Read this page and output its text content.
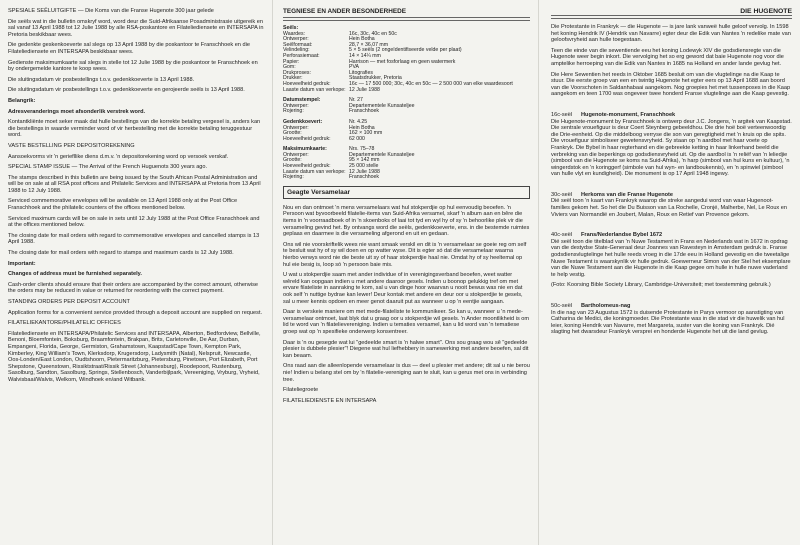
SPESIALE SEËLUITGIFTE — Die Koms van die Franse Hugenote 300 jaar gelede

Die seëls wat in die bulletin omskryf word, word deur die Suid-Afrikaanse Posadministrasie uitgereik en sal vanaf 13 April 1988 tot 12 Julie 1988 by alle RSA-poskantore en Filateliediensete en INTERSAPA in Pretoria beskikbaar wees.

Die gedenkte geskenkoeverte sal slegs op 13 April 1988 by die poskantoor te Franschhoek en die Filateliediensete en INTERSAPA beskikbaar wees.

Gedienste maksimumkaarte sal slegs in stelle tot 12 Julie 1988 by die poskantoor te Franschhoek en by ondergemelde kantore te koop wees.

Die sluitingsdatum vir posbestellings t.o.v. gedenkkoeverte is 13 April 1988.

Die sluitingsdatum vir posbestellings t.o.v. gedenkkoeverte en gerojeerde seëls is 13 April 1988.

Belangrik:

Adresveranderings moet afsonderlik verstrek word.

Kontantkliënte moet seker maak dat hulle bestellings van die korrekte betaling vergesel is, anders kan die bestellings in waarde verminder word of vir herbestelling met die korrekte betaling teruggestuur word.

VASTE BESTELLING PER DEPOSITOREKENING

Aansoekvorms vir 'n geriefllike diens d.m.v. 'n depositorekening word op versoek verskaf.

SPECIAL STAMP ISSUE — The Arrival of the French Huguenots 300 years ago.

The stamps described in this bulletin are being issued by the South African Postal Administration and will be on sale at all RSA post offices and Philatelic Services and INTERSAPA at Pretoria from 13 April 1988 to 12 July 1988.

Serviced commemorative envelopes will be available on 13 April 1988 only at the Post Office Franschhoek and the philatelic counters of the offices mentioned below.

Serviced maximum cards will be on sale in sets until 12 July 1988 at the Post Office Franschhoek and at the offices mentioned below.

The closing date for mail orders with regard to commemorative envelopes and cancelled stamps is 13 April 1988.

The closing date for mail orders with regard to stamps and maximum cards is 12 July 1988.

Important:

Changes of address must be furnished separately.

Cash-order clients should ensure that their orders are accompanied by the correct amount, otherwise the orders may be reduced in value or returned for reordering with the correct payment.

STANDING ORDERS PER DEPOSIT ACCOUNT

Application forms for a convenient service provided through a deposit account are supplied on request.

FILATELIEKANTORE/PHILATELIC OFFICES

Filateliediensete en INTERSAPA/Philatelic Services and INTERSAPA, Alberton, Bedfordview, Bellville, Benoni, Bloemfontein, Boksburg, Braamfontein, Brakpan, Brits, Carletonville, De Aar, Durban, Empangeni, Florida, George, Germiston, Grahamstown, Kaapstad/Cape Town, Kempton Park, Kimberley, King William's Town, Klerksdorp, Krugersdorp, Ladysmith (Natal), Nelspruit, Newcastle, Oos-Londen/East London, Oudtshoorn, Pietermaritzburg, Pietersburg, Pinetown, Port Elizabeth, Port Shepstone, Queenstown, Rissiktstraat/Rissik Street (Johannesburg), Roodepoort, Rustenburg, Sasolburg, Sandton, Sasolburg, Springs, Stellenbosch, Vanderbijlpark, Vereeniging, Vryburg, Vryheid, Walvisbaai/Walvis, Welkom, Windhoek en/and Witbank.

TEGNIESE EN ANDER BESONDERHEDE
Seëls:
Waardes:	16c, 30c, 40c en 50c
Ontwerper:	Hein Botha
Seëlformaat:	28,7 × 36,07 mm
Velindeling:	5 × 5 seëls (2 ongeïdentifiseerde velde per plaat)
Perforasiemaat:	14 × 14¼ mm
Papier:	Harrison — met fosforlaag en geen watermerk
Gom:	PVA
Drukproses:	Litografies
Drukker:	Staatsdrukker, Pretoria
Hoeveelheid gedruk:	16c — 17 500 000; 30c, 40c en 50c — 2 500 000 van elke waardesoort
Laaste datum van verkope: 12 Julie 1988
Datumstempel:	Nr. 27
Ontwerper:	Departementele Kunsateljee
Rojering:	Franschhoek
Gedenkkoevert:	Nr. 4.25
Ontwerper:	Hein Botha
Grootte:	162 × 100 mm
Hoeveelheid gedruk:	62 000
Maksimumkaarte:	Nrs. 75–78
Ontwerper:	Departementele Kunsateljee
Grootte:	95 × 142 mm
Hoeveelheid gedruk:	25 000 stelle
Laaste datum van verkope: 12 Julie 1988
Rojering:	Franschhoek
Geagte Versamelaar

Nou en dan ontmoet 'n mens versamelaars wat hul stokperdjie op hul eenvoudig beoefen. 'n Persoon wat byvoorbeeld filatelie-items van Suid-Afrika versamel, skarf 'n album aan en bêre die items in 'n voorraadboek of in 'n skoenboks of laai tot tyd en wyl hy of sy 'n behoorlike plek vir die versameling gevind het. By ontvangs word die seëls, gedenkkoeverte, ens. in die bestemde ruimtes geplaas en daarmee is die versameling afgerond en uit en gedaan.

Ons wil nie voorskriftelik wees nie want smaak verskil en dit is 'n versamelaar se goeie reg om self te besluit wat hy of sy wil doen en op watter wyse. Dit is egter só dat die versamelaar waarna hierbo verwys word nie die beste uit sy of haar stokperdjie haal nie. Omdat hy of sy heeltemal op hul eie besig is, loop só 'n persoon baie mis.

U wat u stokperdjie saam met ander individue of in verenigingsverband beoefen, weet watter wêreld kan oopgaan indien u met andere daaroor gesels. Indien u boonop gelukkig tref om met ervare filateliste in aanraking te kom, sal u van dinge hoor waarvan u nooit bewus was nie en dat ook self 'n nuttige bydrae kan lewer! Deur kontak met andere en deur oor u stokperdjie te gesels, sal u meer kennis opdoen en meer genot daaruit put as wanneer u op 'n eentjie aangaan.

Daar is verskeie maniere om met mede-filateliste te kommunikeer. So kan u, wanneer u 'n mede-versamelaar ontmoet, laat blyk dat u graag oor u stokperdjie wil gesels. 'n Ander moontlikheid is om lid te word van 'n filatelievereniging. Indien u tematies versamel, kan u lid word van 'n tematiese groep wat op 'n spesifieke onderwerp konsentreer.

Daar is 'n ou gesegde wat lui "gedeelde smart is 'n halwe smart". Ons sou graag wou sê "gedeelde plesier is dubbele plesier"! Diegene wat hul liefhebbery in samewerking met andere beoefen, sal dit kan beaam.

Ons raad aan die alleenlopende versamelaar is dus — deel u plesier met andere; dit sal u nie berou nie! Indien u belang stel om by 'n filatelie-vereniging aan te sluit, kan u gerus met ons in verbinding tree.

Filateliegroete
FILATELIEDIENSTE EN INTERSAPA
DIE HUGENOTE

Die Protestante in Frankryk — die Hugenote — is jare lank vanweë hulle geloof vervolg. In 1598 het koning Hendrik IV (Hendrik van Navarre) egter deur die Edik van Nantes 'n redelike mate van geloofsvryheid aan hulle toegestaan.

Teen die einde van die sewentiende eeu het koning Lodewyk XIV die godsdiensregte van die Hugenote weer begin inkort. Die vervolging het so erg geword dat baie Hugenote nog voor die amptelike herroeping van die Edik van Nantes in 1685 na Holland en ander lande gevlug het.

Die Here Sewentien het reeds in Oktober 1685 besluit om van die vlugtelinge na die Kaap te stuur. Die eerste groep van een en twintig Hugenote het egter eers op 13 April 1688 aan boord van die Voorschoten in Saldanhabaai aangekom. Nog groepies het met tussenposes in die Kaap aangekom en teen 1700 was ongeveer twee honderd Franse vlugtelinge aan die Kaap gevestig.

16c-seël Hugenote-monument, Franschhoek

Die Hugenote-monument by Franschhoek is ontwerp deur J.C. Jongens, 'n argitek van Kaapstad. Die sentrale vrouefiguur is deur Coert Steynberg gebeeldhou. Die drie hoë boë verteenwoordig die Drie-eenheid. Op die middelboog verryse die son van geregtigheid met 'n kruis op die spits. Die vrouefiguur simboliseer gewetensvryheid. Sy staan op 'n aardbol met haar voete op Frankryk. Die Bybel in haar regterhand en die gebreekte ketting in haar linkerhand beeld die verbreking van die beperkings op godsdiensvryheid uit. Op die aardbol is 'n reliëf van 'n leliedjie (simbool van die Hugenote se koms na Suid-Afrika), 'n harp (simbool van hul kuns en kultuur), 'n wingerdstok en 'n koringgerf (simbole van hul wyn- en landboukennis), en 'n spinwiel (simbool van hulle vlyt en kundigheid). Die monument is op 17 April 1948 ingewy.

30c-seël Herkoms van die Franse Hugenote

Dié seël toon 'n kaart van Frankryk waarop die streke aangedui word van waar Hugenoot-families gekom het. So het die Du Buisson van La Rochelle, Cronjé, Malherbe, Nel, Le Roux en Viviers van Normandië en Joubert, Malan, Roux en Retief van Provence gekom.

40c-seël Frans/Nederlandse Bybel 1672

Dié seël toon die titelblad van 'n Nuwe Testament in Frans en Nederlands wat in 1672 in opdrag van die destydse State-Generaal deur Joannes van Ravesteyn in Amsterdam gedruk is. Franse godsdiensvlugtelinge het hulle reeds vroeg in die 17de eeu in Holland gevestig en die tweetalige Nuwe Testament is waarskynlik vir hulle gedruk. Goewerneur Simon van der Stel het eksemplare van die Nuwe Testament aan die Hugenote in die Kaap gegee om hulle in hulle nuwe vaderland te help vestig.

(Foto: Koorsing Bible Society Library, Cambridge-Universiteit; met toestemming gebruik.)

50c-seël Bartholomeus-nag

In die nag van 23 Augustus 1572 is duisende Protestante in Parys vermoor op aanstigting van Catharina de Medici, die koningmoeder. Die Protestante was in die stad vir die huwelik van hul leier, koning Hendrik van Navarre, met Margareta, suster van die koning van Frankryk. Dié slagting het dwarsdeur Frankryk versprei en honderde Hugenote het uit die land gevlug.
